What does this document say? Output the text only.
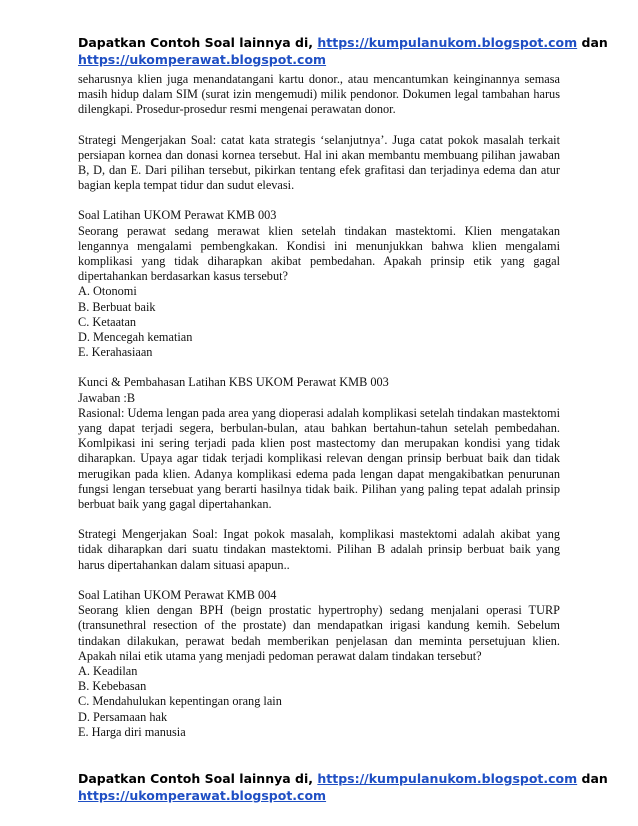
Dapatkan Contoh Soal lainnya di, https://kumpulanukom.blogspot.com dan
https://ukomperawat.blogspot.com

seharusnya klien juga menandatangani kartu donor., atau mencantumkan keinginannya semasa masih hidup dalam SIM (surat izin mengemudi) milik pendonor. Dokumen legal tambahan harus dilengkapi. Prosedur-prosedur resmi mengenai perawatan donor.

Strategi Mengerjakan Soal: catat kata strategis ‘selanjutnya’. Juga catat pokok masalah terkait persiapan kornea dan donasi kornea tersebut. Hal ini akan membantu membuang pilihan jawaban B, D, dan E. Dari pilihan tersebut, pikirkan tentang efek grafitasi dan terjadinya edema dan atur bagian kepla tempat tidur dan sudut elevasi.

Soal Latihan UKOM Perawat KMB 003

Seorang perawat sedang merawat klien setelah tindakan mastektomi. Klien mengatakan lengannya mengalami pembengkakan. Kondisi ini menunjukkan bahwa klien mengalami komplikasi yang tidak diharapkan akibat pembedahan. Apakah prinsip etik yang gagal dipertahankan berdasarkan kasus tersebut?

A. Otonomi
B. Berbuat baik
C. Ketaatan
D. Mencegah kematian
E. Kerahasiaan
Kunci & Pembahasan Latihan KBS UKOM Perawat KMB 003
Jawaban :B

Rasional: Udema lengan pada area yang dioperasi adalah komplikasi setelah tindakan mastektomi yang dapat terjadi segera, berbulan-bulan, atau bahkan bertahun-tahun setelah pembedahan. Komlpikasi ini sering terjadi pada klien post mastectomy dan merupakan kondisi yang tidak diharapkan. Upaya agar tidak terjadi komplikasi relevan dengan prinsip berbuat baik dan tidak merugikan pada klien. Adanya komplikasi edema pada lengan dapat mengakibatkan penurunan fungsi lengan tersebuat yang berarti hasilnya tidak baik. Pilihan yang paling tepat adalah prinsip berbuat baik yang gagal dipertahankan.

Strategi Mengerjakan Soal: Ingat pokok masalah, komplikasi mastektomi adalah akibat yang tidak diharapkan dari suatu tindakan mastektomi. Pilihan B adalah prinsip berbuat baik yang harus dipertahankan dalam situasi apapun..

Soal Latihan UKOM Perawat KMB 004

Seorang klien dengan BPH (beign prostatic hypertrophy) sedang menjalani operasi TURP (transunethral resection of the prostate) dan mendapatkan irigasi kandung kemih. Sebelum tindakan dilakukan, perawat bedah memberikan penjelasan dan meminta persetujuan klien. Apakah nilai etik utama yang menjadi pedoman perawat dalam tindakan tersebut?

A. Keadilan
B. Kebebasan
C. Mendahulukan kepentingan orang lain
D. Persamaan hak
E. Harga diri manusia
Dapatkan Contoh Soal lainnya di, https://kumpulanukom.blogspot.com dan
https://ukomperawat.blogspot.com
